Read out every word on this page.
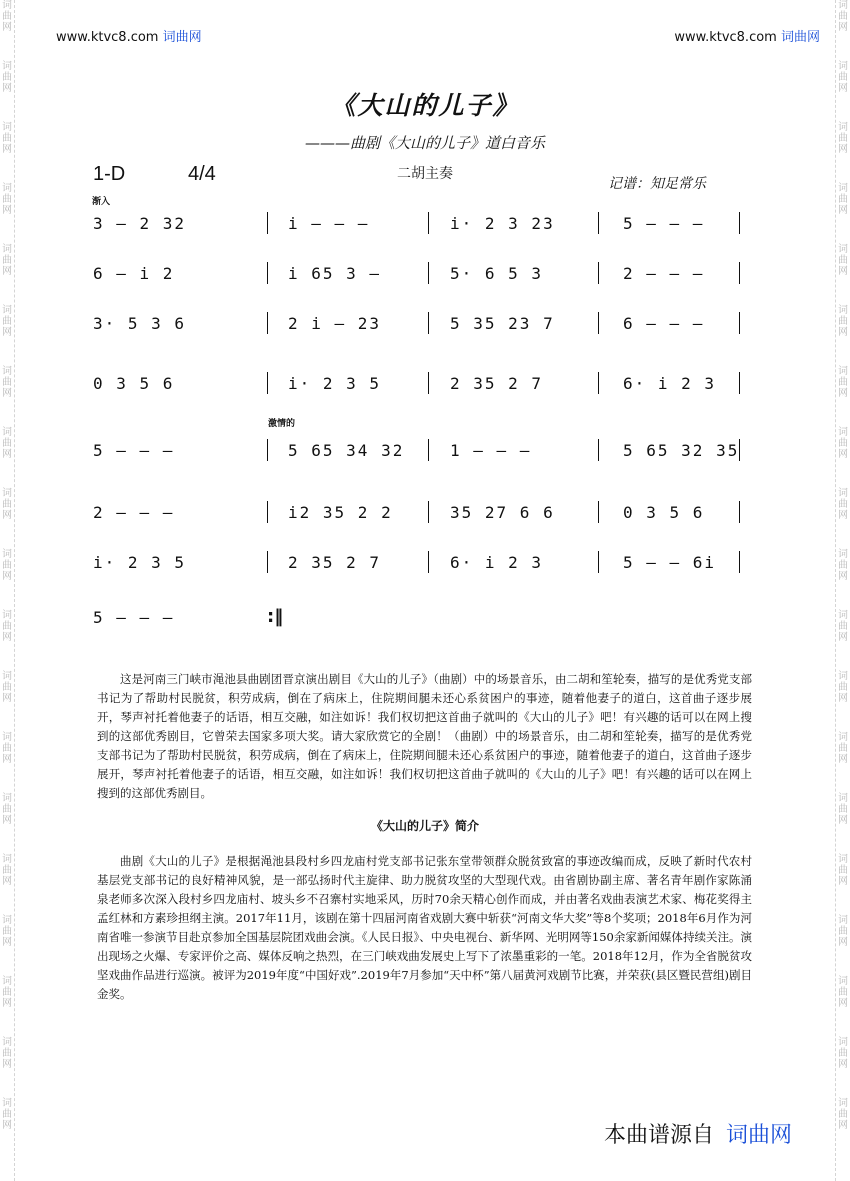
词
曲
网
词
曲
网
词
曲
网
词
曲
网
词
曲
网
词
曲
网
词
曲
网
词
曲
网
词
曲
网
词
曲
网
词
曲
网
词
曲
网
词
曲
网
词
曲
网
词
曲
网
词
曲
网
词
曲
网
词
曲
网
词
曲
网
词
曲
网
词
曲
网
词
曲
网
词
曲
网
词
曲
网
词
曲
网
词
曲
网
词
曲
网
词
曲
网
词
曲
网
词
曲
网
词
曲
网
词
曲
网
词
曲
网
词
曲
网
词
曲
网
词
曲
网
词
曲
网
词
曲
网
www.ktvc8.com 词曲网	www.ktvc8.com 词曲网
《大山的儿子》
———曲剧《大山的儿子》道白音乐
1-D	4/4	二胡主奏
记谱：知足常乐
渐入
激情的
3 – 2 32	i – – –	i· 2 3 23	5 – – –
6 – i 2	i 65 3 –	5· 6 5 3	2 – – –
3· 5 3 6	2 i – 23	5 35 23 7	6 – – –
0 3 5 6	i· 2 3 5	2 35 2 7	6· i 2 3
5 – – –	5 65 34 32	1 – – –	5 65 32 35
2 – – –	i2 35 2 2	35 27 6 6	0 3 5 6
i· 2 3 5	2 35 2 7	6· i 2 3	5 – – 6i
5 – – –	:‖
这是河南三门峡市渑池县曲剧团晋京演出剧目《大山的儿子》（曲剧）中的场景音乐，由二胡和笙轮奏，描写的是优秀党支部书记为了帮助村民脱贫，积劳成病，倒在了病床上，住院期间腿未还心系贫困户的事迹，随着他妻子的道白，这首曲子逐步展开，琴声衬托着他妻子的话语，相互交融，如注如诉！我们权切把这首曲子就叫的《大山的儿子》吧！有兴趣的话可以在网上搜到的这部优秀剧目，它曾荣去国家多项大奖。请大家欣赏它的全剧！（曲剧）中的场景音乐，由二胡和笙轮奏，描写的是优秀党支部书记为了帮助村民脱贫，积劳成病，倒在了病床上，住院期间腿未还心系贫困户的事迹，随着他妻子的道白，这首曲子逐步展开，琴声衬托着他妻子的话语，相互交融，如注如诉！我们权切把这首曲子就叫的《大山的儿子》吧！有兴趣的话可以在网上搜到的这部优秀剧目。
《大山的儿子》简介
曲剧《大山的儿子》是根据渑池县段村乡四龙庙村党支部书记张东堂带领群众脱贫致富的事迹改编而成，反映了新时代农村基层党支部书记的良好精神风貌，是一部弘扬时代主旋律、助力脱贫攻坚的大型现代戏。由省剧协副主席、著名青年剧作家陈涌泉老师多次深入段村乡四龙庙村、坡头乡不召寨村实地采风，历时70余天精心创作而成，并由著名戏曲表演艺术家、梅花奖得主孟红林和方素珍担纲主演。2017年11月，该剧在第十四届河南省戏剧大赛中斩获“河南文华大奖”等8个奖项；2018年6月作为河南省唯一参演节目赴京参加全国基层院团戏曲会演。《人民日报》、中央电视台、新华网、光明网等150余家新闻媒体持续关注。演出现场之火爆、专家评价之高、媒体反响之热烈，在三门峡戏曲发展史上写下了浓墨重彩的一笔。2018年12月，作为全省脱贫攻坚戏曲作品进行巡演。被评为2019年度“中国好戏”.2019年7月参加“天中杯”第八届黄河戏剧节比赛，并荣获(县区暨民营组)剧目金奖。
本曲谱源自 词曲网
